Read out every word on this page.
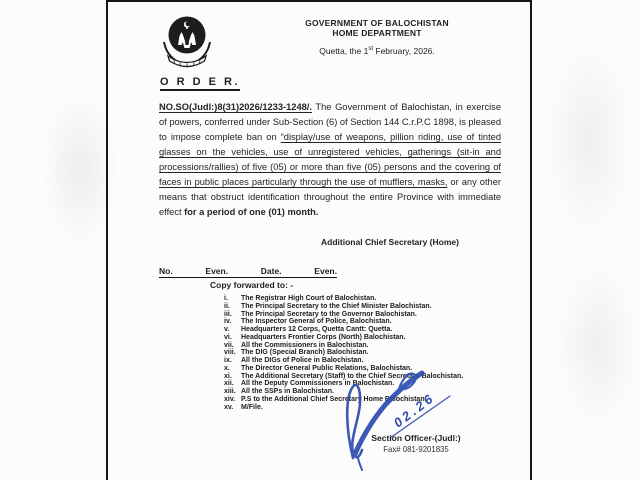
GOVERNMENT OF BALOCHISTAN
HOME DEPARTMENT
Quetta, the 1st February, 2026.
O R D E R.
NO.SO(Judl:)8(31)2026/1233-1248/. The Government of Balochistan, in exercise of powers, conferred under Sub-Section (6) of Section 144 C.r.P.C 1898, is pleased to impose complete ban on “display/use of weapons, pillion riding, use of tinted glasses on the vehicles, use of unregistered vehicles, gatherings (sit-in and processions/rallies) of five (05) or more than five (05) persons and the covering of faces in public places particularly through the use of mufflers, masks, or any other means that obstruct identification throughout the entire Province with immediate effect for a period of one (01) month.
Additional Chief Secretary (Home)
No.	Even.	Date.	Even.
Copy forwarded to: -
i.	The Registrar High Court of Balochistan.
ii.	The Principal Secretary to the Chief Minister Balochistan.
iii.	The Principal Secretary to the Governor Balochistan.
iv.	The Inspector General of Police, Balochistan.
v.	Headquarters 12 Corps, Quetta Cantt: Quetta.
vi.	Headquarters Frontier Corps (North) Balochistan.
vii.	All the Commissioners in Balochistan.
viii. The DIG (Special Branch) Balochistan.
ix.	All the DIGs of Police in Balochistan.
x.	The Director General Public Relations, Balochistan.
xi.	The Additional Secretary (Staff) to the Chief Secretary Balochistan.
xii.	All the Deputy Commissioners in Balochistan.
xiii. All the SSPs in Balochistan.
xiv. P.S to the Additional Chief Secretary Home Balochistan.
xv.	M/File.	02.26
Section Officer-(Judl:)
Fax# 081-9201835
